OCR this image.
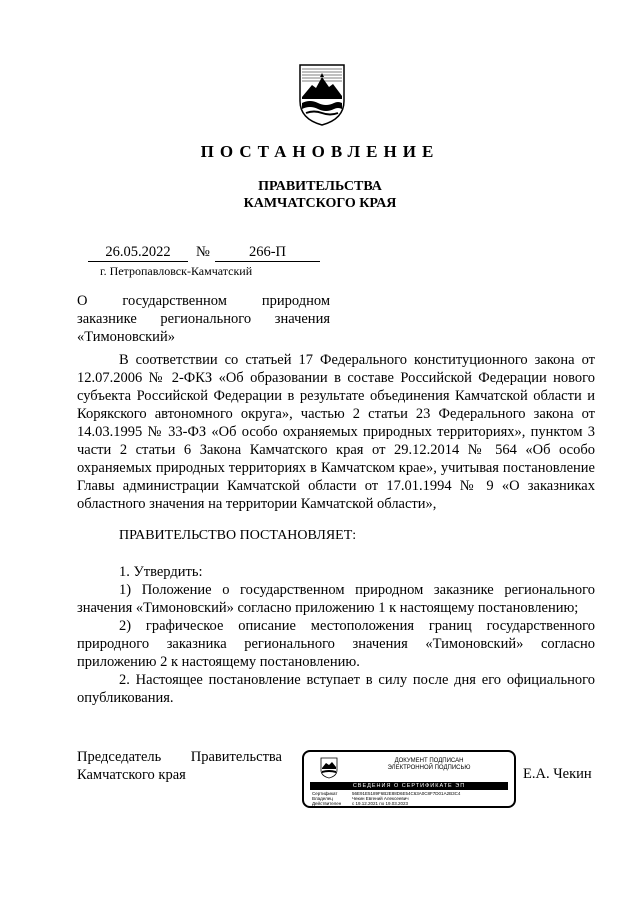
ПОСТАНОВЛЕНИЕ
ПРАВИТЕЛЬСТВА
КАМЧАТСКОГО КРАЯ
26.05.2022	№	266-П
г. Петропавловск-Камчатский
О государственном природном
заказнике регионального значения
«Тимоновский»

В соответствии со статьей 17 Федерального конституционного закона от 12.07.2006 № 2-ФКЗ «Об образовании в составе Российской Федерации нового субъекта Российской Федерации в результате объединения Камчатской области и Корякского автономного округа», частью 2 статьи 23 Федерального закона от 14.03.1995 № 33-ФЗ «Об особо охраняемых природных территориях», пунктом 3 части 2 статьи 6 Закона Камчатского края от 29.12.2014 № 564 «Об особо охраняемых природных территориях в Камчатском крае», учитывая постановление Главы администрации Камчатской области от 17.01.1994 № 9 «О заказниках областного значения на территории Камчатской области»,

ПРАВИТЕЛЬСТВО ПОСТАНОВЛЯЕТ:

1. Утвердить:

1) Положение о государственном природном заказнике регионального значения «Тимоновский» согласно приложению 1 к настоящему постановлению;

2) графическое описание местоположения границ государственного природного заказника регионального значения «Тимоновский» согласно приложению 2 к настоящему постановлению.

2. Настоящее постановление вступает в силу после дня его официального опубликования.

Председатель Правительства
Камчатского края
ДОКУМЕНТ ПОДПИСАН
ЭЛЕКТРОННОЙ ПОДПИСЬЮ
СВЕДЕНИЯ О СЕРТИФИКАТЕ ЭП
Сертификат	56E91E5189F6B2E88D6E54C63A0C8F7D01A2B3C4
Владелец	Чекин Евгений Алексеевич
Действителен с 19.12.2021 по 19.03.2023
Е.А. Чекин
